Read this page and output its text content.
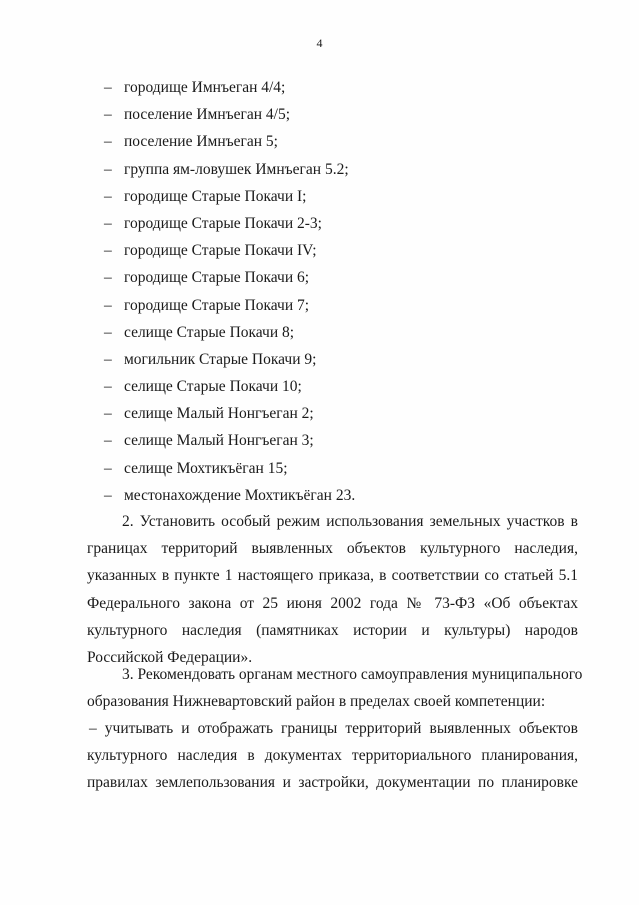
4
– городище Имнъеган 4/4;
– поселение Имнъеган 4/5;
– поселение Имнъеган 5;
– группа ям-ловушек Имнъеган 5.2;
– городище Старые Покачи I;
– городище Старые Покачи 2-3;
– городище Старые Покачи IV;
– городище Старые Покачи 6;
– городище Старые Покачи 7;
– селище Старые Покачи 8;
– могильник Старые Покачи 9;
– селище Старые Покачи 10;
– селище Малый Нонгъеган 2;
– селище Малый Нонгъеган 3;
– селище Мохтикъёган 15;
– местонахождение Мохтикъёган 23.
2. Установить особый режим использования земельных участков в
границах территорий выявленных объектов культурного наследия,
указанных в пункте 1 настоящего приказа, в соответствии со статьей 5.1
Федерального закона от 25 июня 2002 года № 73-ФЗ «Об объектах
культурного наследия (памятниках истории и культуры) народов
Российской Федерации».
3. Рекомендовать органам местного самоуправления муниципального
образования Нижневартовский район в пределах своей компетенции:
– учитывать и отображать границы территорий выявленных объектов
культурного наследия в документах территориального планирования,
правилах землепользования и застройки, документации по планировке
